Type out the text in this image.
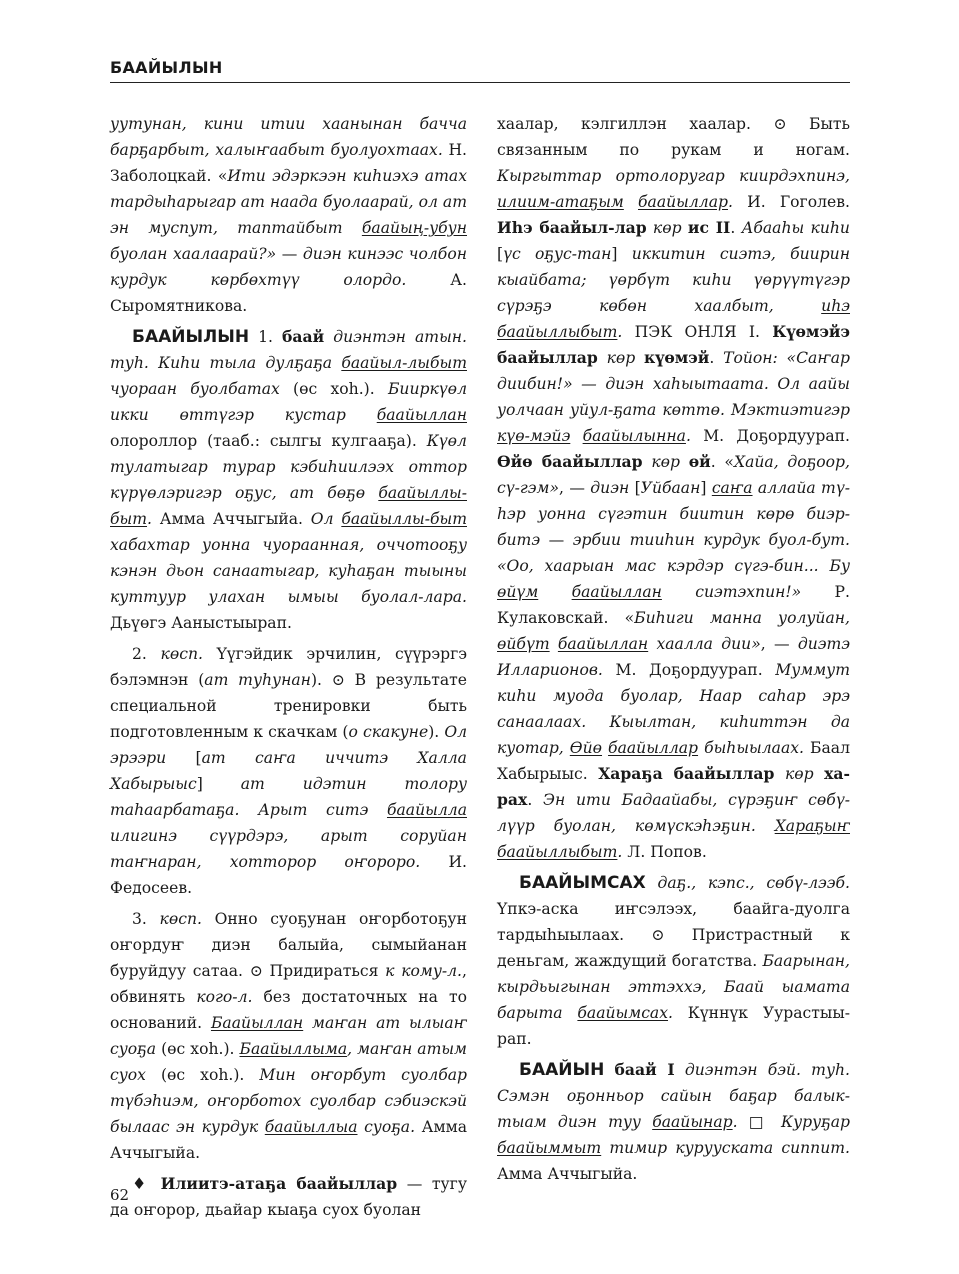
БААЙЫЛЫН

уутунан, кини итии хаанынан бачча барҕарбыт, халыҥаабыт буолуохтаах. Н. Заболоцкай. «Ити эдэркээн киһиэхэ атах тардыһарыгар ат наада буолаарай, ол ат эн муспут, таптайбыт баайың-убун буолан хаалаарай?» — диэн кинээс чолбон курдук көрбөхтүү олордо. А. Сыромятникова.

БААЙЫЛЫН 1. баай диэнтэн атын. туһ. Киһи тыла дулҕаҕа баайыл-лыбыт чуораан буолбатах (өс хоһ.). Бииркүөл икки өттүгэр кустар баайыллан олороллор (тааб.: сылгы кулгааҕа). Күөл тулатыгар турар кэбиһиилээх оттор күрүөлэригэр оҕус, ат бөҕө баайыллы-быт. Амма Аччыгыйа. Ол баайыллы-быт хабахтар уонна чуораанная, оччотооҕу кэнэн дьон санаатыгар, куһаҕан тыыны куттуур улахан ымыы буолал-лара. Дьүөгэ Ааныстыырап.

2. көсп. Үүгэйдик эрчилин, сүүрэргэ бэлэмнэн (ат туһунан). ⊙ В результате специальной тренировки быть подготовленным к скачкам (о скакуне). Ол эрээри [ат саҥа иччитэ Халла Хабырыыс] ат идэтин толору таһаарбатаҕа. Арыт ситэ баайылла илигинэ сүүрдэрэ, арыт соруйан таҥнаран, хотторор оҥороро. И. Федосеев.

3. көсп. Онно суоҕунан оҥорботоҕун оҥордуҥ диэн балыйа, сымыйанан буруйдуу сатаа. ⊙ Придираться к кому-л., обвинять кого-л. без достаточных на то оснований. Баайыллан маҥан ат ылыаҥ суоҕа (өс хоһ.). Баайыллыма, маҥан атым суох (өс хоһ.). Мин оҥорбут суолбар түбэһиэм, оҥорботох суолбар сэбиэскэй былаас эн курдук баайыллыа суоҕа. Амма Аччыгыйа.

♦ Илиитэ-атаҕа баайыллар — тугу да оҥорор, дьайар кыаҕа суох буолан

хаалар, кэлгиллэн хаалар. ⊙ Быть связанным по рукам и ногам. Кыргыттар ортолоругар киирдэхпинэ, илиим-атаҕым баайыллар. И. Гоголев. Иһэ баайыл-лар көр ис II. Абааһы киһи [үс оҕус-тан] иккитин сиэтэ, биирин кыайбата; үөрбүт киһи үөрүүтүгэр сүрэҕэ көбөн хаалбыт, иһэ баайыллыбыт. ПЭК ОНЛЯ I. Күөмэйэ баайыллар көр күөмэй. Тойон: «Саҥар диибин!» — диэн хаһыытаата. Ол аайы уолчаан уйул-ҕата көттө. Мэктиэтигэр күө-мэйэ баайылынна. М. Доҕордуурап. Өйө баайыллар көр өй. «Хайа, доҕоор, сү-гэм», — диэн [Уйбаан] саҥа аллайа тү-һэр уонна сүгэтин биитин көрө биэр-битэ — эрбии тииһин курдук буол-бут. «Оо, хаарыан мас кэрдэр сүгэ-бин... Бу өйүм баайыллан сиэтэхпин!» Р. Кулаковскай. «Биһиги манна уолуйан, өйбүт баайыллан хаалла дии», — диэтэ Илларионов. М. Доҕордуурап. Муммут киһи муода буолар, Наар саһар эрэ санаалаах. Кыылтан, киһиттэн да куотар, Өйө баайыллар быһыылаах. Баал Хабырыыс. Хараҕа баайыллар көр ха-рах. Эн ити Бадаайабы, сүрэҕиҥ сөбү-лүүр буолан, көмүскэһэҕин. Хараҕыҥ баайыллыбыт. Л. Попов.

БААЙЫМСАХ даҕ., кэпс., сөбү-лээб. Үпкэ-аска иҥсэлээх, баайга-дуолга тардыһыылаах. ⊙ Пристрастный к деньгам, жаждущий богатства. Баарынан, кырдьыгынан эттэххэ, Баай ыамата барыта баайымсах. Күннүк Уурастыы-рап.

БААЙЫН баай I диэнтэн бэй. туһ. Сэмэн оҕонньор сайын баҕар балык-тыам диэн туу баайынар. □ Куруҕар баайыммыт тимир курууската сиппит. Амма Аччыгыйа.

62
